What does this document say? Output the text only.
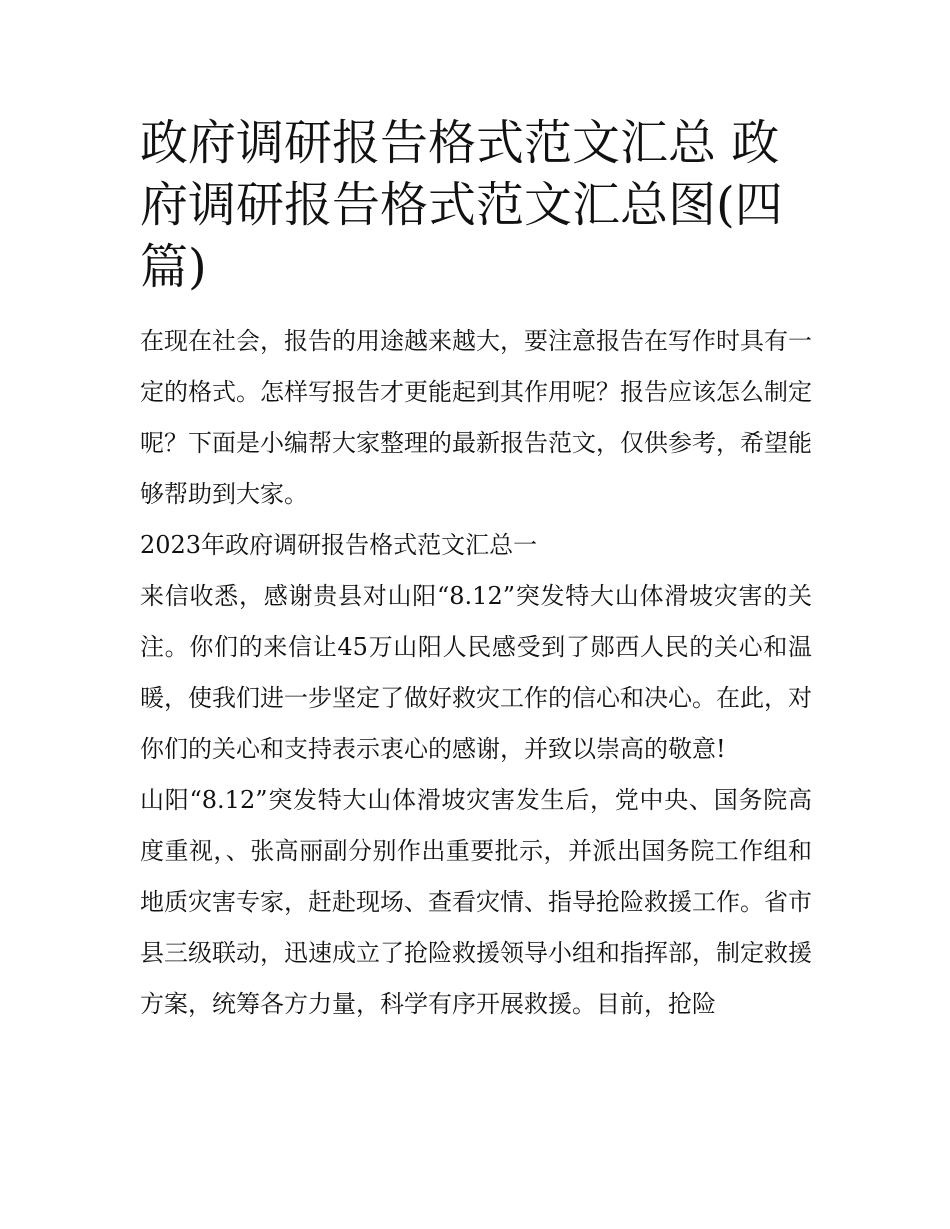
政府调研报告格式范文汇总 政府调研报告格式范文汇总图(四篇)

在现在社会，报告的用途越来越大，要注意报告在写作时具有一定的格式。怎样写报告才更能起到其作用呢？报告应该怎么制定呢？下面是小编帮大家整理的最新报告范文，仅供参考，希望能够帮助到大家。

2023年政府调研报告格式范文汇总一

来信收悉，感谢贵县对山阳“8.12”突发特大山体滑坡灾害的关注。你们的来信让45万山阳人民感受到了郧西人民的关心和温暖，使我们进一步坚定了做好救灾工作的信心和决心。在此，对你们的关心和支持表示衷心的感谢，并致以崇高的敬意!

山阳“8.12”突发特大山体滑坡灾害发生后，党中央、国务院高度重视，、张高丽副分别作出重要批示，并派出国务院工作组和地质灾害专家，赶赴现场、查看灾情、指导抢险救援工作。省市县三级联动，迅速成立了抢险救援领导小组和指挥部，制定救援方案，统筹各方力量，科学有序开展救援。目前，抢险
